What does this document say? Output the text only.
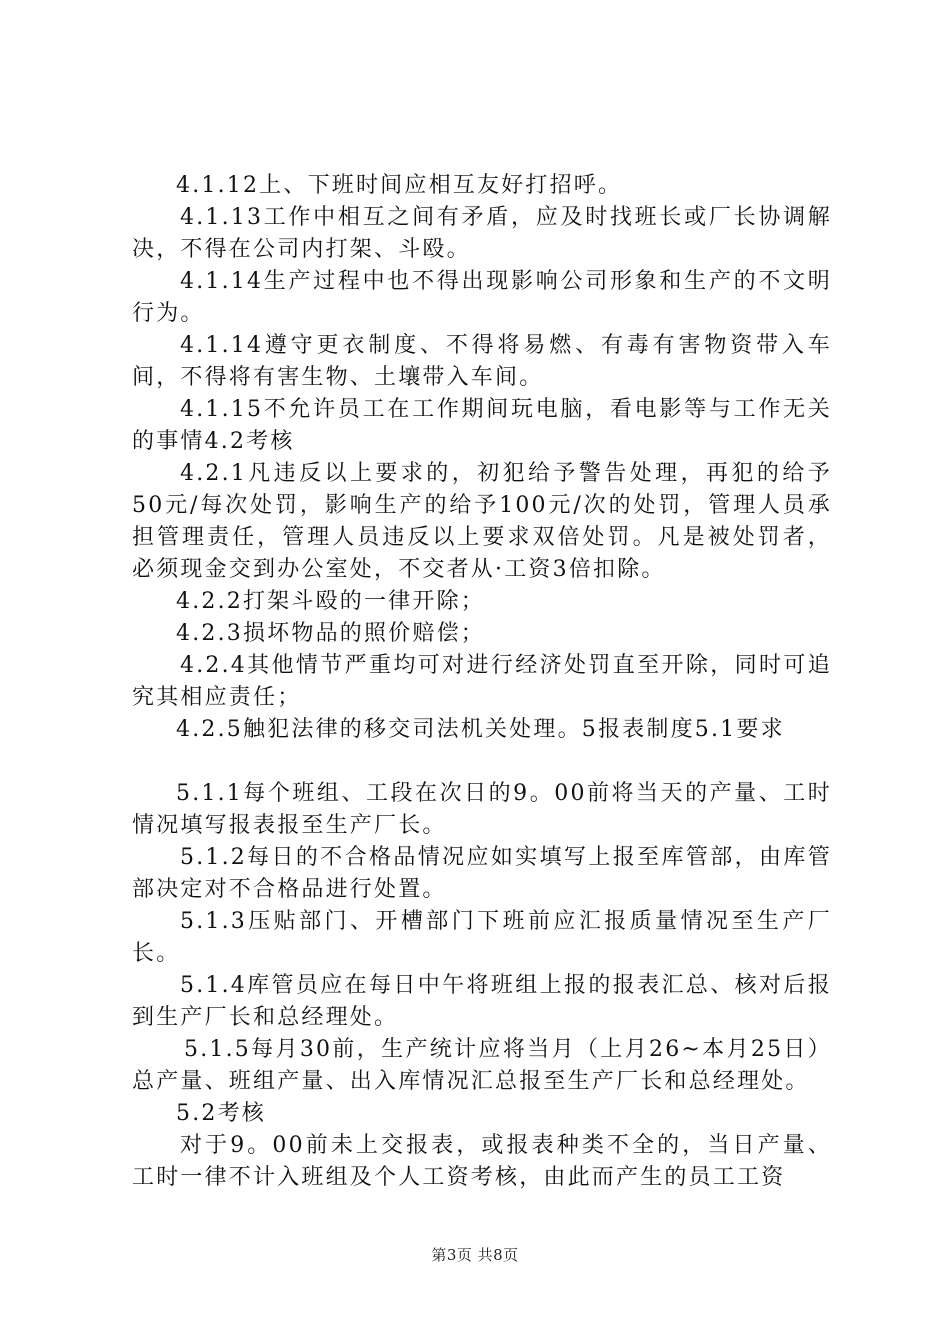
4.1.12上、下班时间应相互友好打招呼。

4.1.13工作中相互之间有矛盾，应及时找班长或厂长协调解决，不得在公司内打架、斗殴。

4.1.14生产过程中也不得出现影响公司形象和生产的不文明行为。

4.1.14遵守更衣制度、不得将易燃、有毒有害物资带入车间，不得将有害生物、土壤带入车间。

4.1.15不允许员工在工作期间玩电脑，看电影等与工作无关的事情4.2考核

4.2.1凡违反以上要求的，初犯给予警告处理，再犯的给予50元/每次处罚，影响生产的给予100元/次的处罚，管理人员承担管理责任，管理人员违反以上要求双倍处罚。凡是被处罚者，必须现金交到办公室处，不交者从·工资3倍扣除。

4.2.2打架斗殴的一律开除；

4.2.3损坏物品的照价赔偿；

4.2.4其他情节严重均可对进行经济处罚直至开除，同时可追究其相应责任；

4.2.5触犯法律的移交司法机关处理。5报表制度5.1要求

5.1.1每个班组、工段在次日的9。00前将当天的产量、工时情况填写报表报至生产厂长。

5.1.2每日的不合格品情况应如实填写上报至库管部，由库管部决定对不合格品进行处置。

5.1.3压贴部门、开槽部门下班前应汇报质量情况至生产厂长。

5.1.4库管员应在每日中午将班组上报的报表汇总、核对后报到生产厂长和总经理处。

5.1.5每月30前，生产统计应将当月（上月26~本月25日）总产量、班组产量、出入库情况汇总报至生产厂长和总经理处。

5.2考核

对于9。00前未上交报表，或报表种类不全的，当日产量、工时一律不计入班组及个人工资考核，由此而产生的员工工资

第3页 共8页
